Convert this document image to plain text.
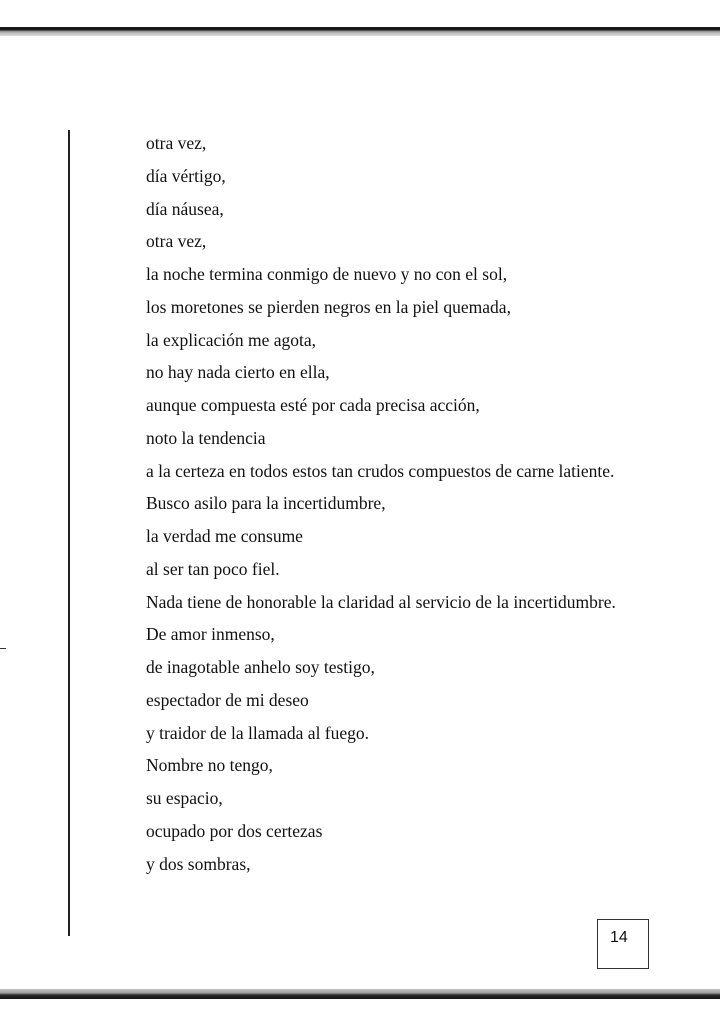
otra vez,
día vértigo,
día náusea,
otra vez,
la noche termina conmigo de nuevo y no con el sol,
los moretones se pierden negros en la piel quemada,
la explicación me agota,
no hay nada cierto en ella,
aunque compuesta esté por cada precisa acción,
noto la tendencia
a la certeza en todos estos tan crudos compuestos de carne latiente.
Busco asilo para la incertidumbre,
la verdad me consume
al ser tan poco fiel.
Nada tiene de honorable la claridad al servicio de la incertidumbre.
De amor inmenso,
de inagotable anhelo soy testigo,
espectador de mi deseo
y traidor de la llamada al fuego.
Nombre no tengo,
su espacio,
ocupado por dos certezas
y dos sombras,
14
